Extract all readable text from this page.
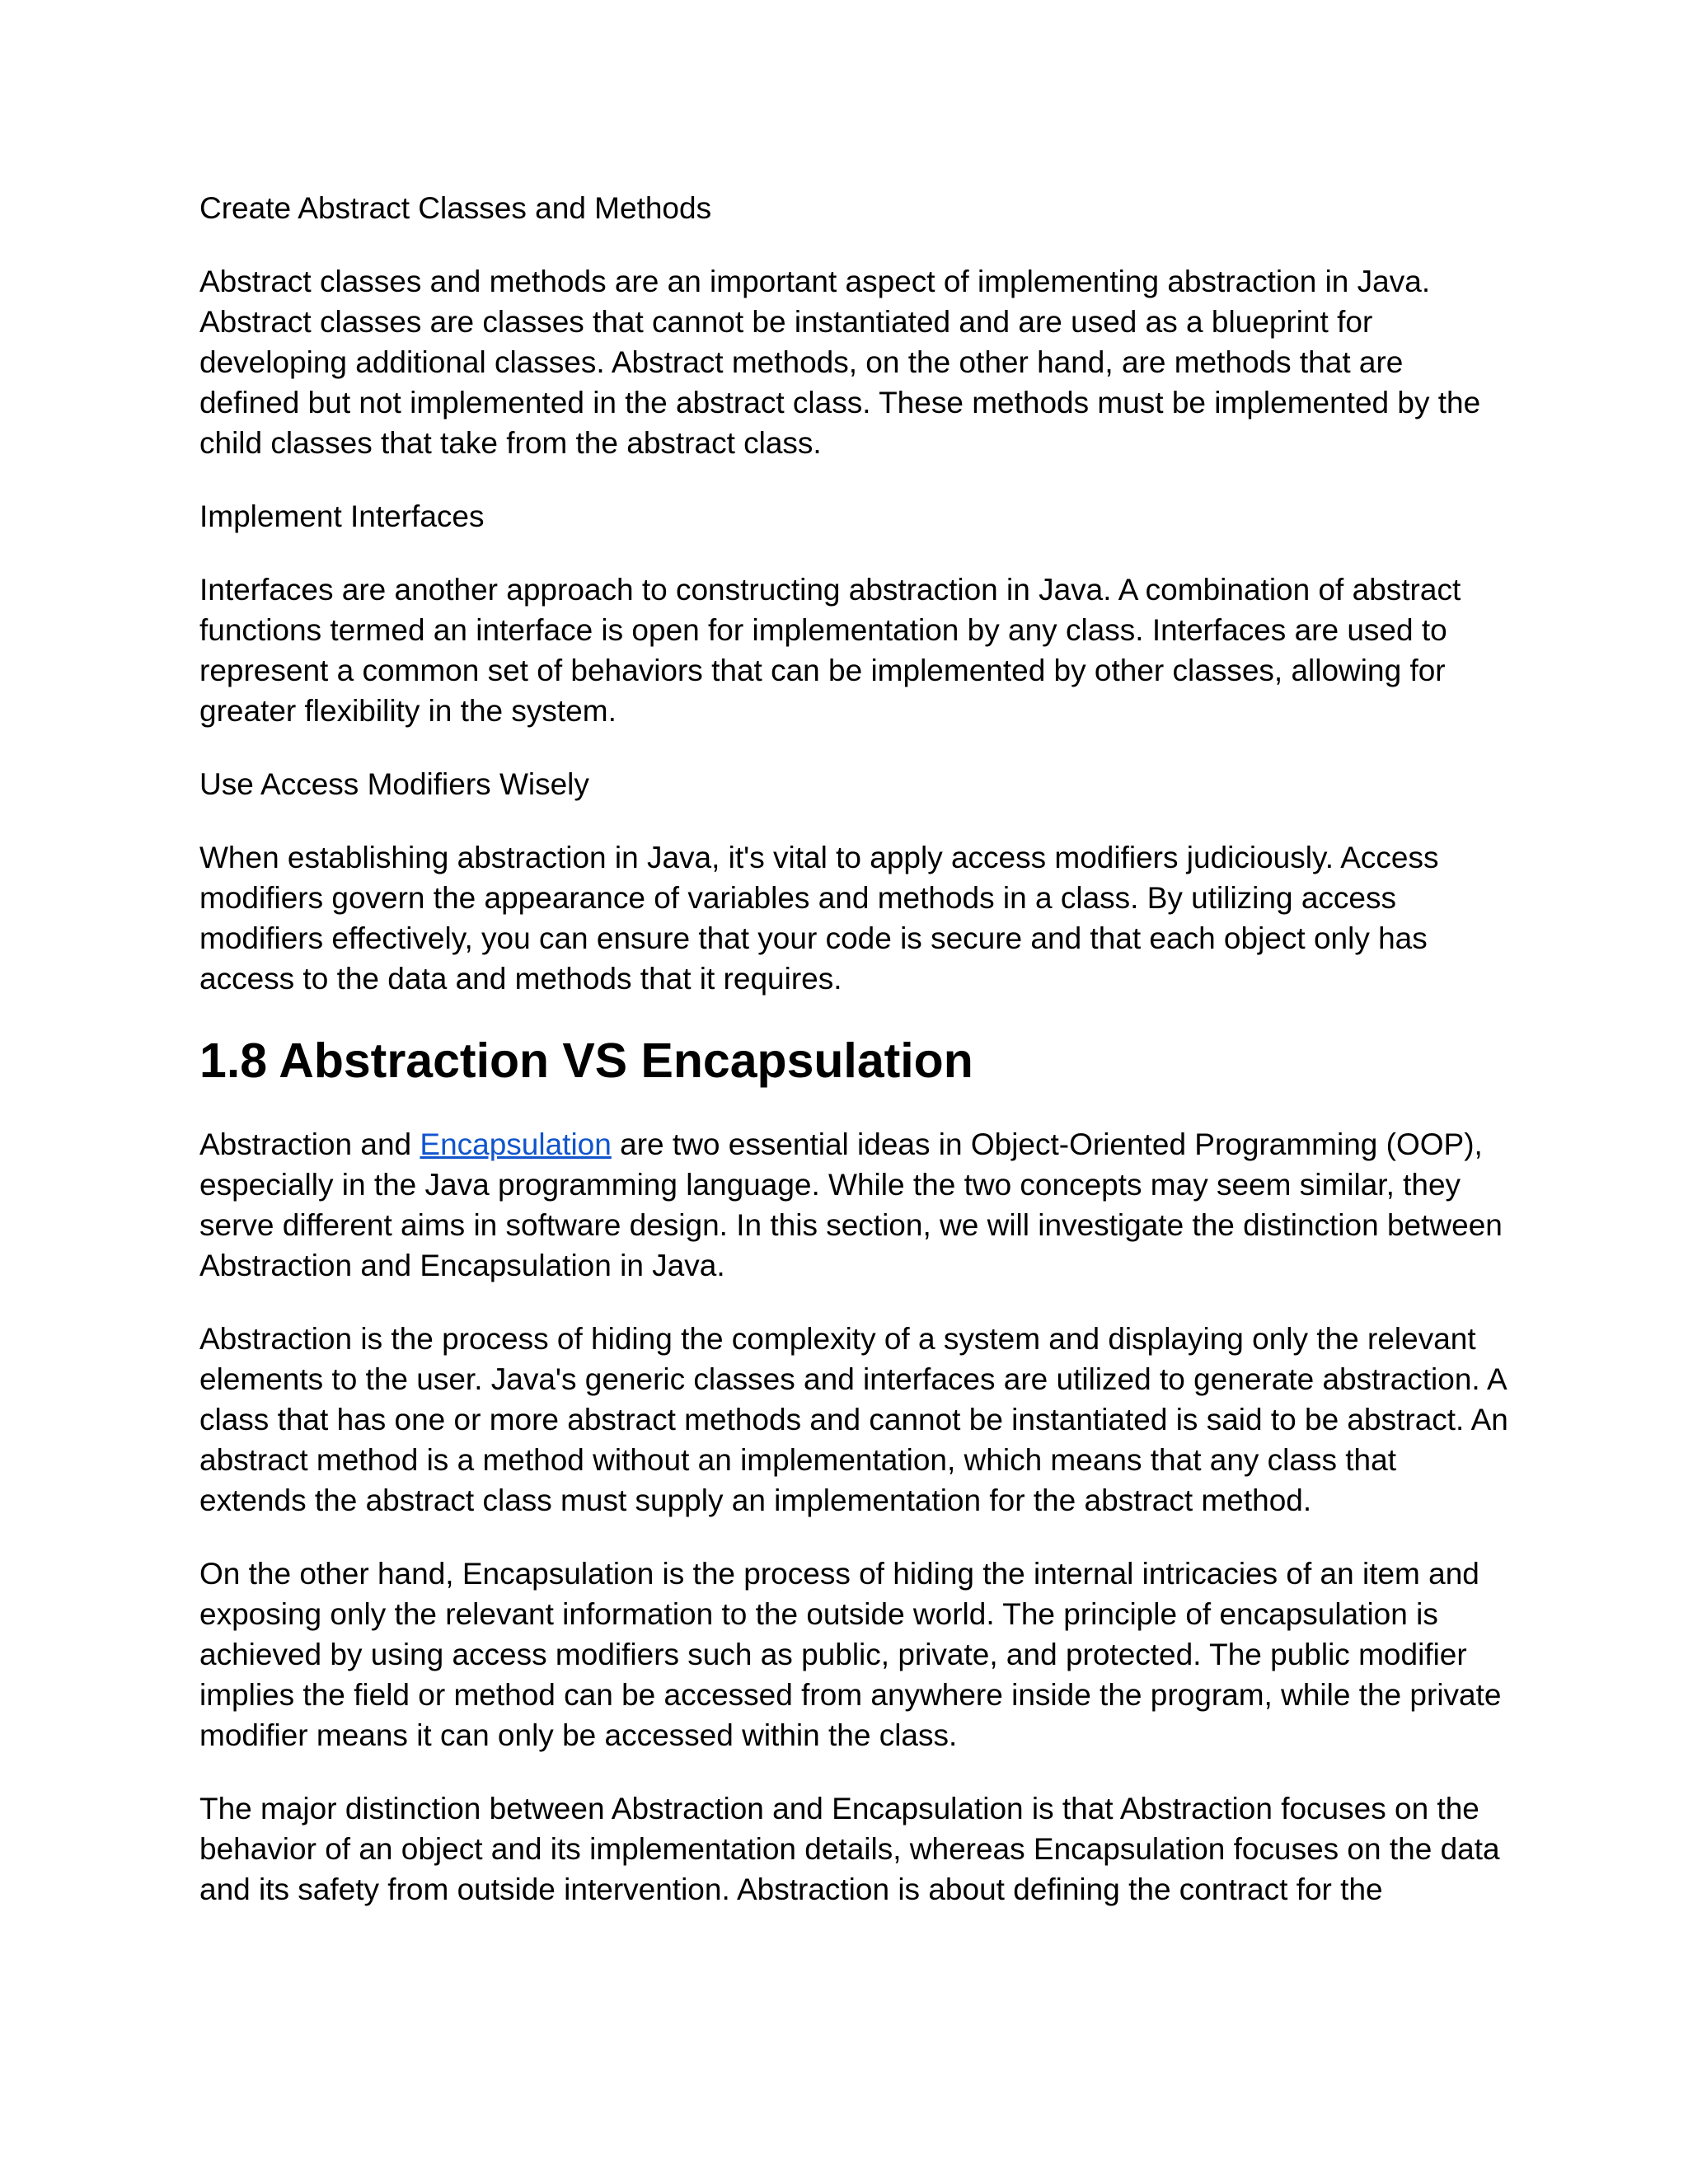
Create Abstract Classes and Methods

Abstract classes and methods are an important aspect of implementing abstraction in Java. Abstract classes are classes that cannot be instantiated and are used as a blueprint for developing additional classes. Abstract methods, on the other hand, are methods that are defined but not implemented in the abstract class. These methods must be implemented by the child classes that take from the abstract class.

Implement Interfaces

Interfaces are another approach to constructing abstraction in Java. A combination of abstract functions termed an interface is open for implementation by any class. Interfaces are used to represent a common set of behaviors that can be implemented by other classes, allowing for greater flexibility in the system.

Use Access Modifiers Wisely

When establishing abstraction in Java, it's vital to apply access modifiers judiciously. Access modifiers govern the appearance of variables and methods in a class. By utilizing access modifiers effectively, you can ensure that your code is secure and that each object only has access to the data and methods that it requires.

1.8 Abstraction VS Encapsulation

Abstraction and Encapsulation are two essential ideas in Object-Oriented Programming (OOP), especially in the Java programming language. While the two concepts may seem similar, they serve different aims in software design. In this section, we will investigate the distinction between Abstraction and Encapsulation in Java.

Abstraction is the process of hiding the complexity of a system and displaying only the relevant elements to the user. Java's generic classes and interfaces are utilized to generate abstraction. A class that has one or more abstract methods and cannot be instantiated is said to be abstract. An abstract method is a method without an implementation, which means that any class that extends the abstract class must supply an implementation for the abstract method.

On the other hand, Encapsulation is the process of hiding the internal intricacies of an item and exposing only the relevant information to the outside world. The principle of encapsulation is achieved by using access modifiers such as public, private, and protected. The public modifier implies the field or method can be accessed from anywhere inside the program, while the private modifier means it can only be accessed within the class.

The major distinction between Abstraction and Encapsulation is that Abstraction focuses on the behavior of an object and its implementation details, whereas Encapsulation focuses on the data and its safety from outside intervention. Abstraction is about defining the contract for the
